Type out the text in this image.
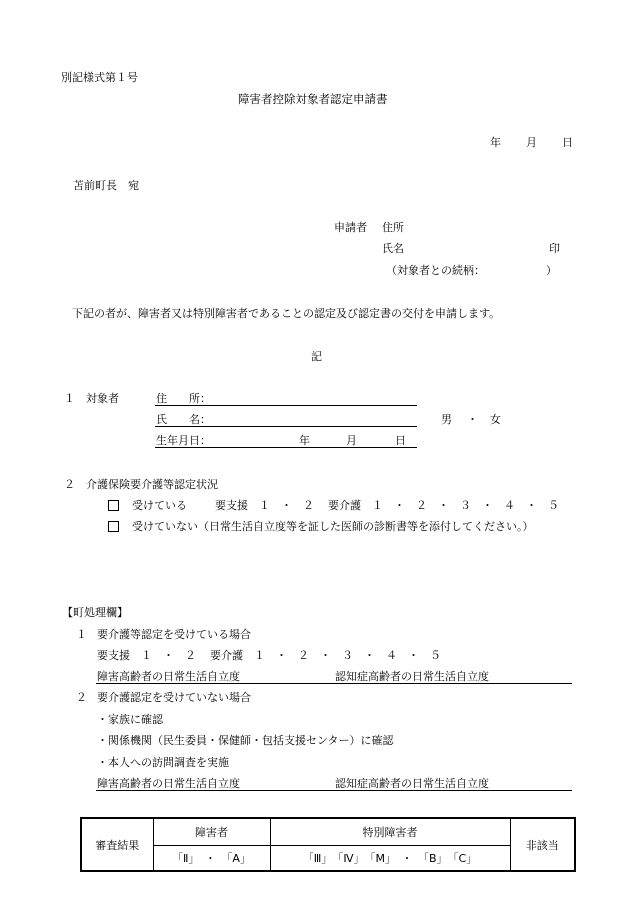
別記様式第１号
障害者控除対象者認定申請書
年 月 日
苫前町長　宛
申請者 住所
氏名	印
（対象者との続柄：	）
下記の者が、障害者又は特別障害者であることの認定及び認定書の交付を申請します。
記
１ 対象者	住　　所：
氏　　名：	男 ・ 女
生年月日：	年	月	日
２ 介護保険要介護等認定状況
受けている	要支援 １　・　２ 要介護 １　・　２　・　３　・　４　・　５
受けていない（日常生活自立度等を証した医師の診断書等を添付してください。）
【町処理欄】
１ 要介護等認定を受けている場合
要支援 １　・　２ 要介護 １　・　２　・　３　・　４　・　５
障害高齢者の日常生活自立度	認知症高齢者の日常生活自立度
２ 要介護認定を受けていない場合
・家族に確認
・関係機関（民生委員・保健師・包括支援センター）に確認
・本人への訪問調査を実施
障害高齢者の日常生活自立度	認知症高齢者の日常生活自立度
審査結果	障害者	特別障害者	非該当
	「Ⅱ」　・　「A」	「Ⅲ」　「Ⅳ」　「M」　・　「B」　「C」	
